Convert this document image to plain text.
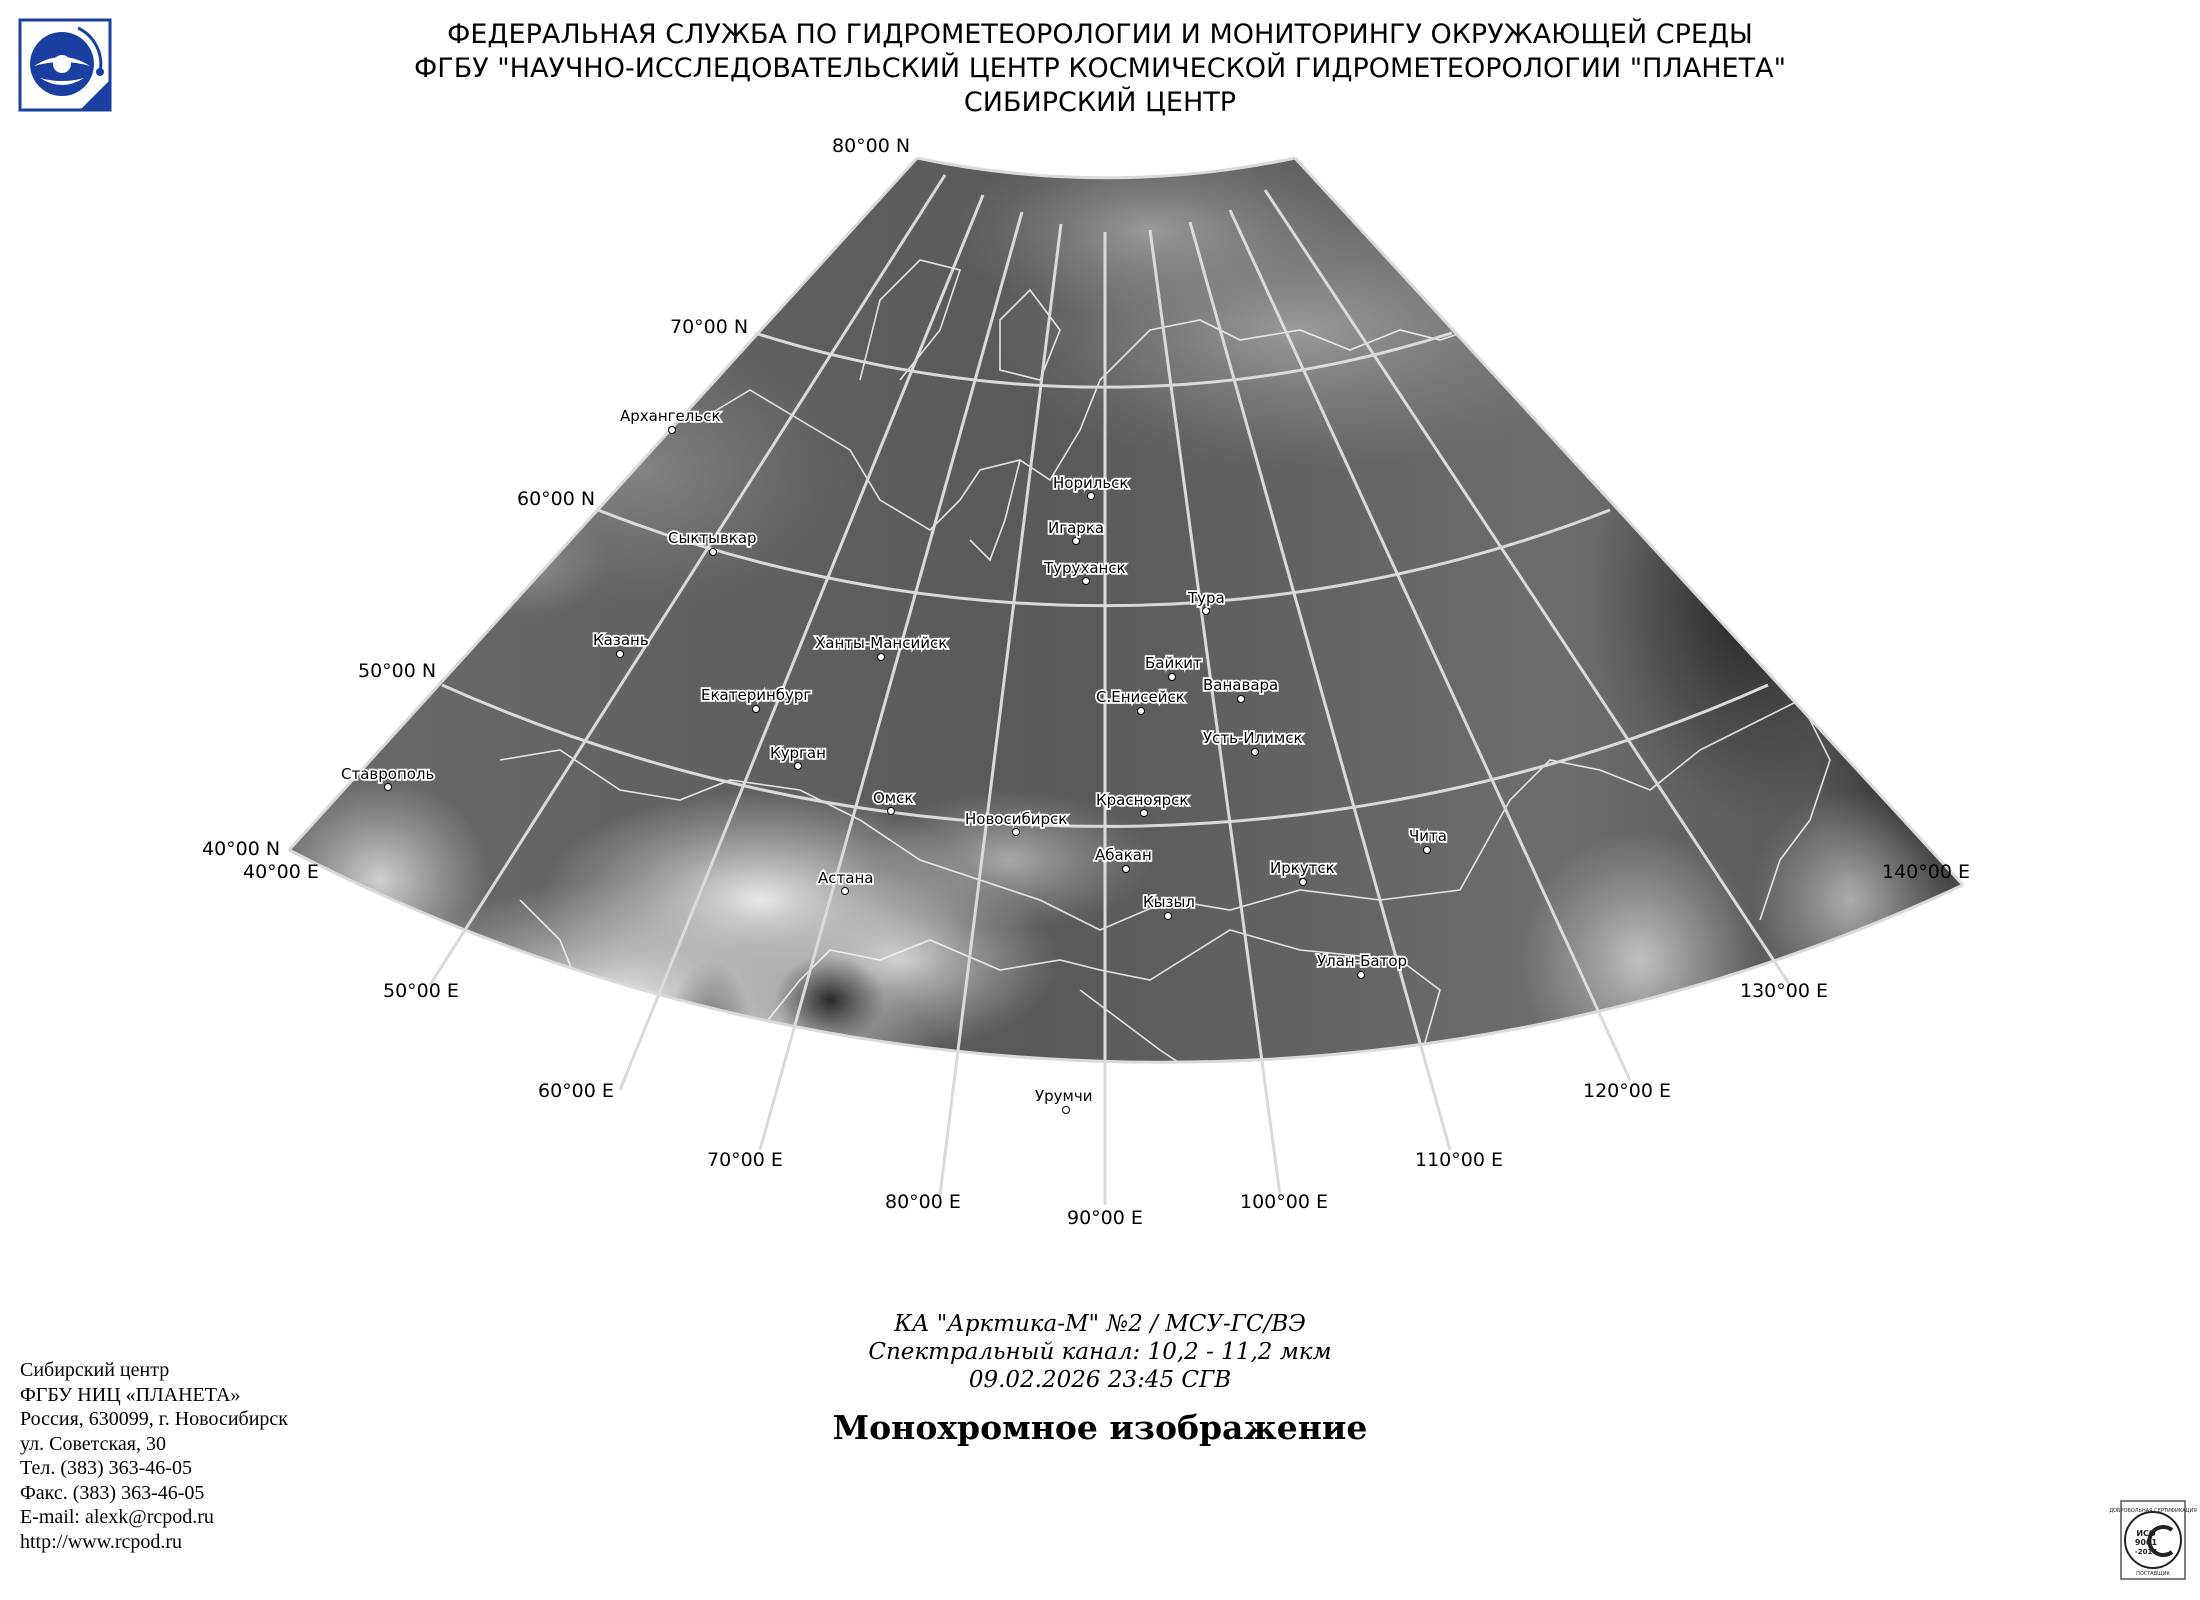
ФЕДЕРАЛЬНАЯ СЛУЖБА ПО ГИДРОМЕТЕОРОЛОГИИ И МОНИТОРИНГУ ОКРУЖАЮЩЕЙ СРЕДЫ
ФГБУ "НАУЧНО-ИССЛЕДОВАТЕЛЬСКИЙ ЦЕНТР КОСМИЧЕСКОЙ ГИДРОМЕТЕОРОЛОГИИ "ПЛАНЕТА"
СИБИРСКИЙ ЦЕНТР
80°00 N
70°00 N
60°00 N
50°00 N
40°00 N
40°00 E
50°00 E
60°00 E
70°00 E
80°00 E
90°00 E
100°00 E
110°00 E
120°00 E
130°00 E
140°00 E
Архангельск
Сыктывкар
Казань
Ставрополь
Екатеринбург
Ханты-Мансийск
Курган
Омск
Астана
Новосибирск
Норильск
Игарка
Туруханск
Тура
Байкит
Ванавара
С.Енисейск
Усть-Илимск
Красноярск
Абакан
Кызыл
Иркутск
Чита
Улан-Батор
Урумчи
КА "Арктика-М" №2 / МСУ-ГС/ВЭ
Спектральный канал: 10,2 - 11,2 мкм
09.02.2026 23:45 СГВ
Монохромное изображение
Сибирский центр
ФГБУ НИЦ «ПЛАНЕТА»
Россия, 630099, г. Новосибирск
ул. Советская, 30
Тел. (383) 363-46-05
Факс. (383) 363-46-05
E-mail: alexk@rcpod.ru
http://www.rcpod.ru
ДОБРОВОЛЬНАЯ СЕРТИФИКАЦИЯ
ИСО
9001
-2015
ПОСТАВЩИК
